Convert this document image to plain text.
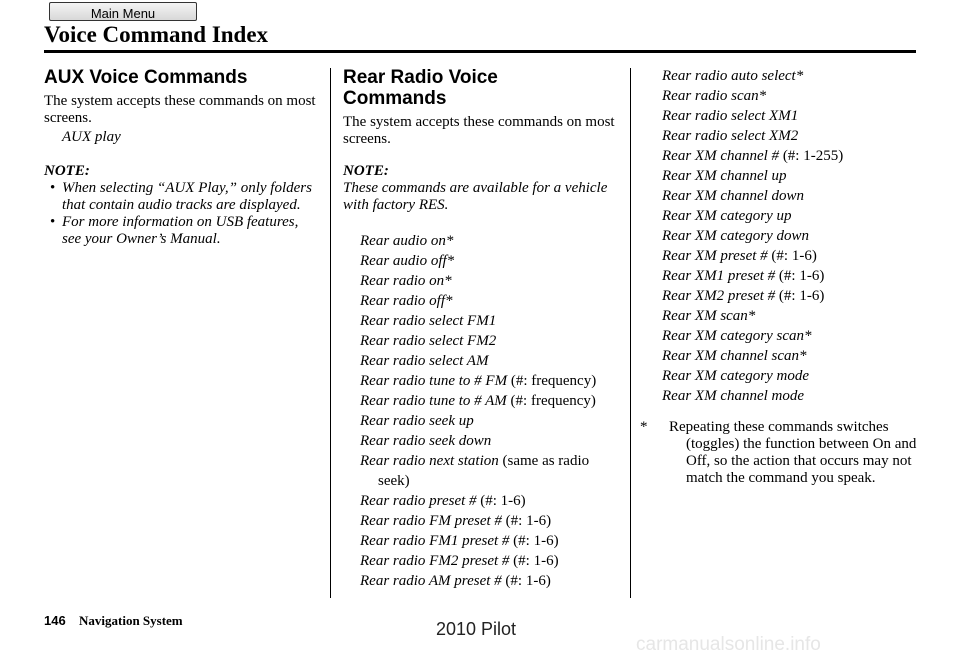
Main Menu
Voice Command Index
AUX Voice Commands

The system accepts these commands on most screens.

AUX play

NOTE:

• When selecting “AUX Play,” only folders that contain audio tracks are displayed.
• For more information on USB features, see your Owner’s Manual.
Rear Radio Voice
Commands

The system accepts these commands on most screens.

NOTE:

These commands are available for a vehicle with factory RES.

Rear audio on*
Rear audio off*
Rear radio on*
Rear radio off*
Rear radio select FM1
Rear radio select FM2
Rear radio select AM
Rear radio tune to # FM (#: frequency)
Rear radio tune to # AM (#: frequency)
Rear radio seek up
Rear radio seek down
Rear radio next station (same as radio seek)
Rear radio preset # (#: 1-6)
Rear radio FM preset # (#: 1-6)
Rear radio FM1 preset # (#: 1-6)
Rear radio FM2 preset # (#: 1-6)
Rear radio AM preset # (#: 1-6)
Rear radio auto select*
Rear radio scan*
Rear radio select XM1
Rear radio select XM2
Rear XM channel # (#: 1-255)
Rear XM channel up
Rear XM channel down
Rear XM category up
Rear XM category down
Rear XM preset # (#: 1-6)
Rear XM1 preset # (#: 1-6)
Rear XM2 preset # (#: 1-6)
Rear XM scan*
Rear XM category scan*
Rear XM channel scan*
Rear XM category mode
Rear XM channel mode
*	Repeating these commands switches (toggles) the function between On and Off, so the action that occurs may not match the command you speak.
146 Navigation System	2010 Pilot
carmanualsonline.info
